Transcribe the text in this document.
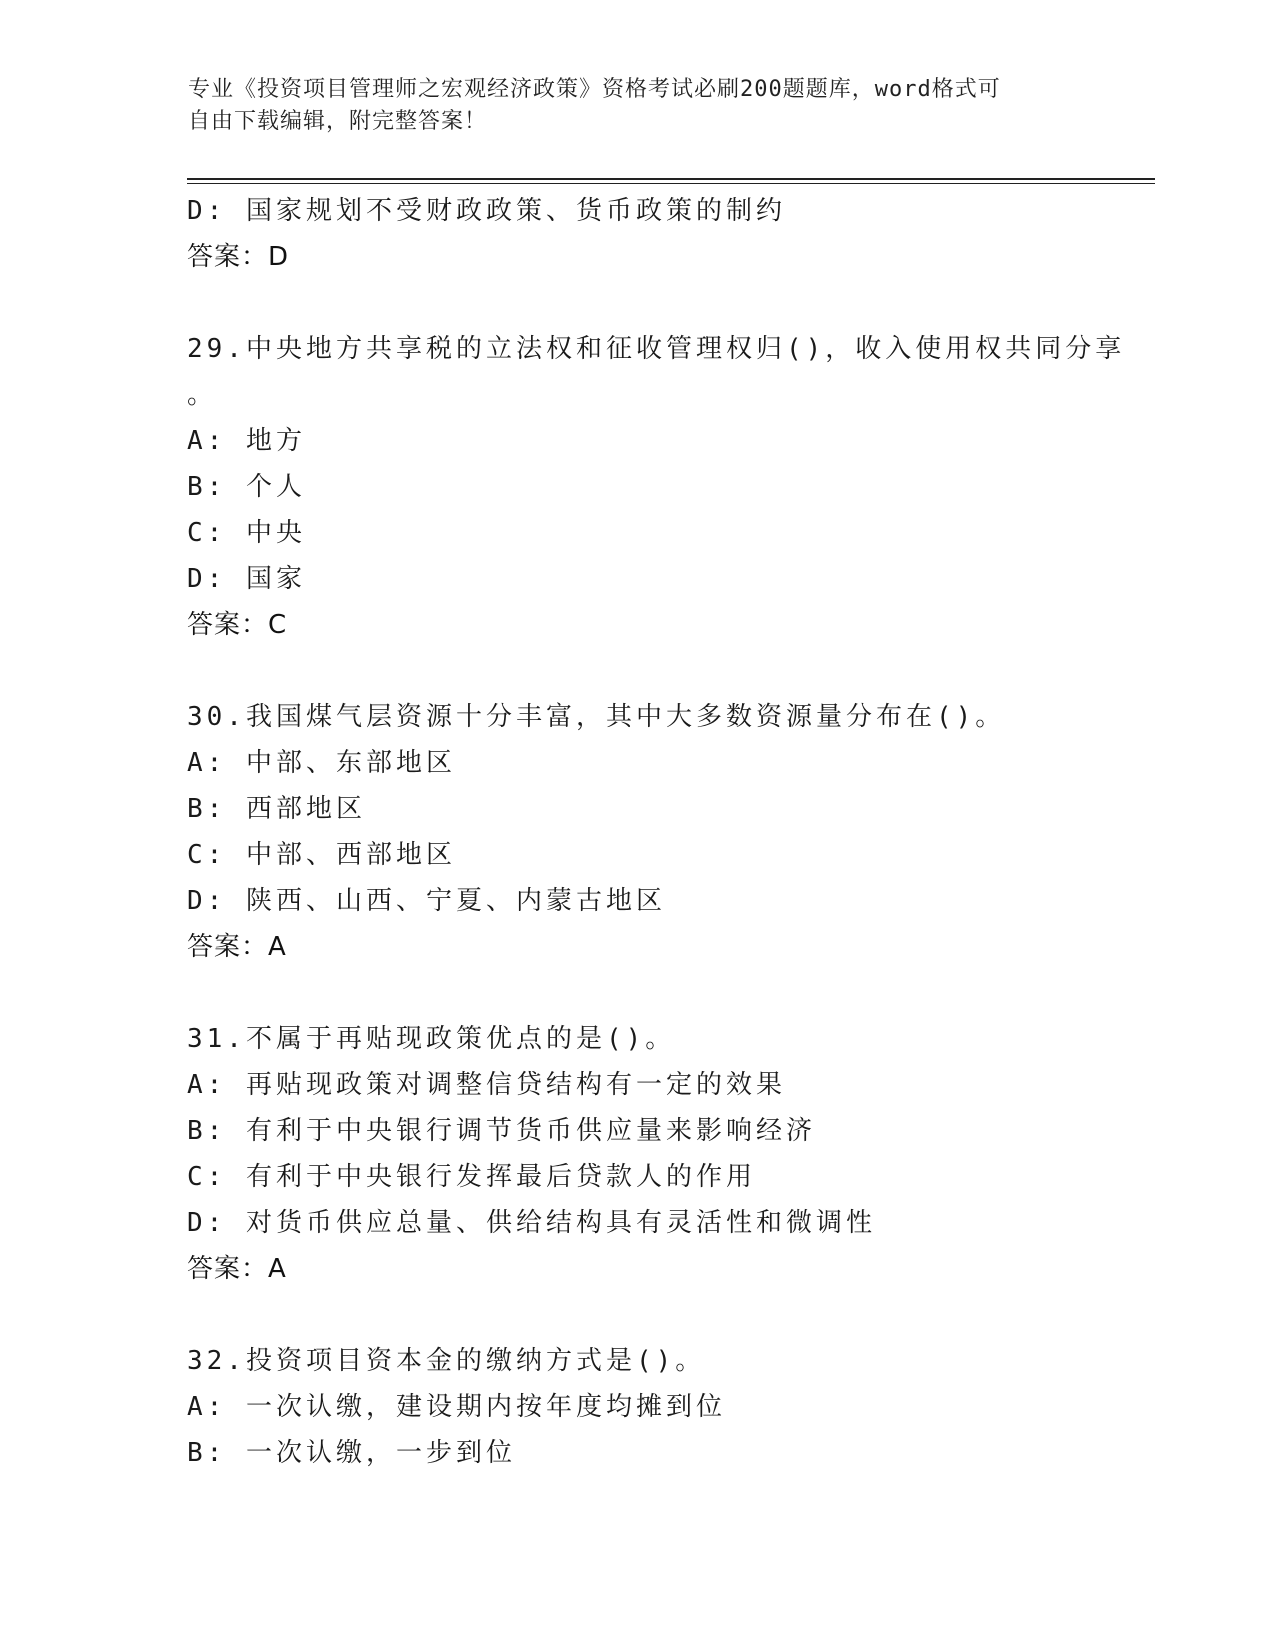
专业《投资项目管理师之宏观经济政策》资格考试必刷200题题库，word格式可
自由下载编辑，附完整答案！
D: 国家规划不受财政政策、货币政策的制约
答案：D
29.中央地方共享税的立法权和征收管理权归()，收入使用权共同分享
。
A: 地方
B: 个人
C: 中央
D: 国家
答案：C
30.我国煤气层资源十分丰富，其中大多数资源量分布在()。
A: 中部、东部地区
B: 西部地区
C: 中部、西部地区
D: 陕西、山西、宁夏、内蒙古地区
答案：A
31.不属于再贴现政策优点的是()。
A: 再贴现政策对调整信贷结构有一定的效果
B: 有利于中央银行调节货币供应量来影响经济
C: 有利于中央银行发挥最后贷款人的作用
D: 对货币供应总量、供给结构具有灵活性和微调性
答案：A
32.投资项目资本金的缴纳方式是()。
A: 一次认缴，建设期内按年度均摊到位
B: 一次认缴，一步到位
